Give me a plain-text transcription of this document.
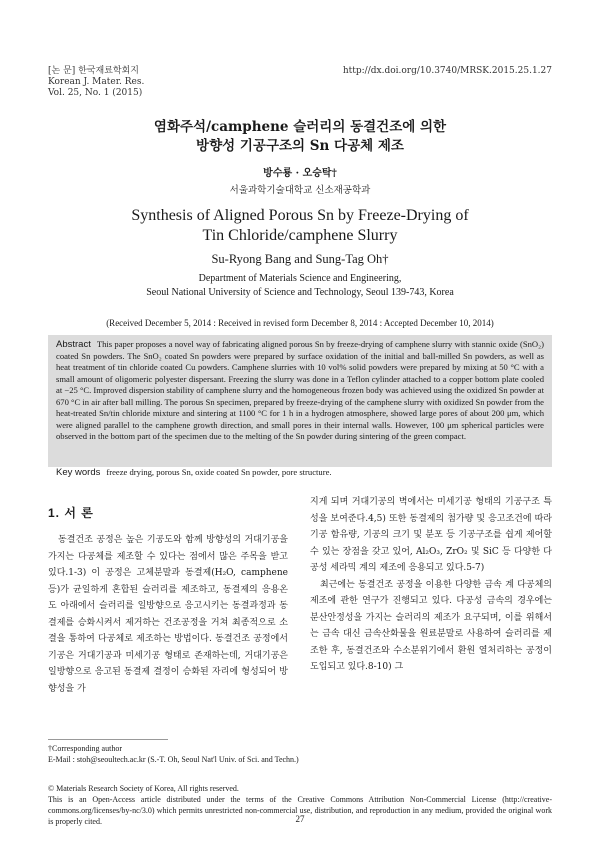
[논 문] 한국재료학회지
Korean J. Mater. Res.
Vol. 25, No. 1 (2015)
http://dx.doi.org/10.3740/MRSK.2015.25.1.27
염화주석/camphene 슬러리의 동결건조에 의한
방향성 기공구조의 Sn 다공체 제조
방수룡 · 오승탁†
서울과학기술대학교 신소재공학과
Synthesis of Aligned Porous Sn by Freeze-Drying of
Tin Chloride/camphene Slurry
Su-Ryong Bang and Sung-Tag Oh†
Department of Materials Science and Engineering,
Seoul National University of Science and Technology, Seoul 139-743, Korea
(Received December 5, 2014 : Received in revised form December 8, 2014 : Accepted December 10, 2014)
Abstract This paper proposes a novel way of fabricating aligned porous Sn by freeze-drying of camphene slurry with stannic oxide (SnO₂) coated Sn powders. The SnO₂ coated Sn powders were prepared by surface oxidation of the initial and ball-milled Sn powders, as well as heat treatment of tin chloride coated Cu powders. Camphene slurries with 10 vol% solid powders were prepared by mixing at 50 °C with a small amount of oligomeric polyester dispersant. Freezing the slurry was done in a Teflon cylinder attached to a copper bottom plate cooled at −25 °C. Improved dispersion stability of camphene slurry and the homogeneous frozen body was achieved using the oxidized Sn powder at 670 °C in air after ball milling. The porous Sn specimen, prepared by freeze-drying of the camphene slurry with oxidized Sn powder from the heat-treated Sn/tin chloride mixture and sintering at 1100 °C for 1 h in a hydrogen atmosphere, showed large pores of about 200 μm, which were aligned parallel to the camphene growth direction, and small pores in their internal walls. However, 100 μm spherical particles were observed in the bottom part of the specimen due to the melting of the Sn powder during sintering of the green compact.
Key words freeze drying, porous Sn, oxide coated Sn powder, pore structure.
1. 서 론

동결건조 공정은 높은 기공도와 함께 방향성의 거대기공을 가지는 다공체를 제조할 수 있다는 점에서 많은 주목을 받고 있다.1-3) 이 공정은 고체분말과 동결제(H₂O, camphene 등)가 균일하게 혼합된 슬러리를 제조하고, 동결제의 응용온도 아래에서 슬러리를 일방향으로 응고시키는 동결과정과 동결제를 승화시켜서 제거하는 건조공정을 거쳐 최종적으로 소결을 통하여 다공체로 제조하는 방법이다. 동결건조 공정에서 기공은 거대기공과 미세기공 형태로 존재하는데, 거대기공은 일방향으로 응고된 동결제 결정이 승화된 자리에 형성되어 방향성을 가

지게 되며 거대기공의 벽에서는 미세기공 형태의 기공구조 특성을 보여준다.4,5) 또한 동결제의 첨가량 및 응고조건에 따라 기공 함유량, 기공의 크기 및 분포 등 기공구조를 쉽게 제어할 수 있는 장점을 갖고 있어, Al₂O₃, ZrO₂ 및 SiC 등 다양한 다공성 세라믹 계의 제조에 응용되고 있다.5-7)

최근에는 동결건조 공정을 이용한 다양한 금속 계 다공체의 제조에 관한 연구가 진행되고 있다. 다공성 금속의 경우에는 분산안정성을 가지는 슬러리의 제조가 요구되며, 이를 위해서는 금속 대신 금속산화물을 원료분말로 사용하여 슬러리를 제조한 후, 동결건조와 수소분위기에서 환원 열처리하는 공정이 도입되고 있다.8-10) 그

†Corresponding author
E-Mail : stoh@seoultech.ac.kr (S.-T. Oh, Seoul Nat'l Univ. of Sci. and Techn.)
© Materials Research Society of Korea, All rights reserved.
This is an Open-Access article distributed under the terms of the Creative Commons Attribution Non-Commercial License (http://creative-commons.org/licenses/by-nc/3.0) which permits unrestricted non-commercial use, distribution, and reproduction in any medium, provided the original work is properly cited.	27
